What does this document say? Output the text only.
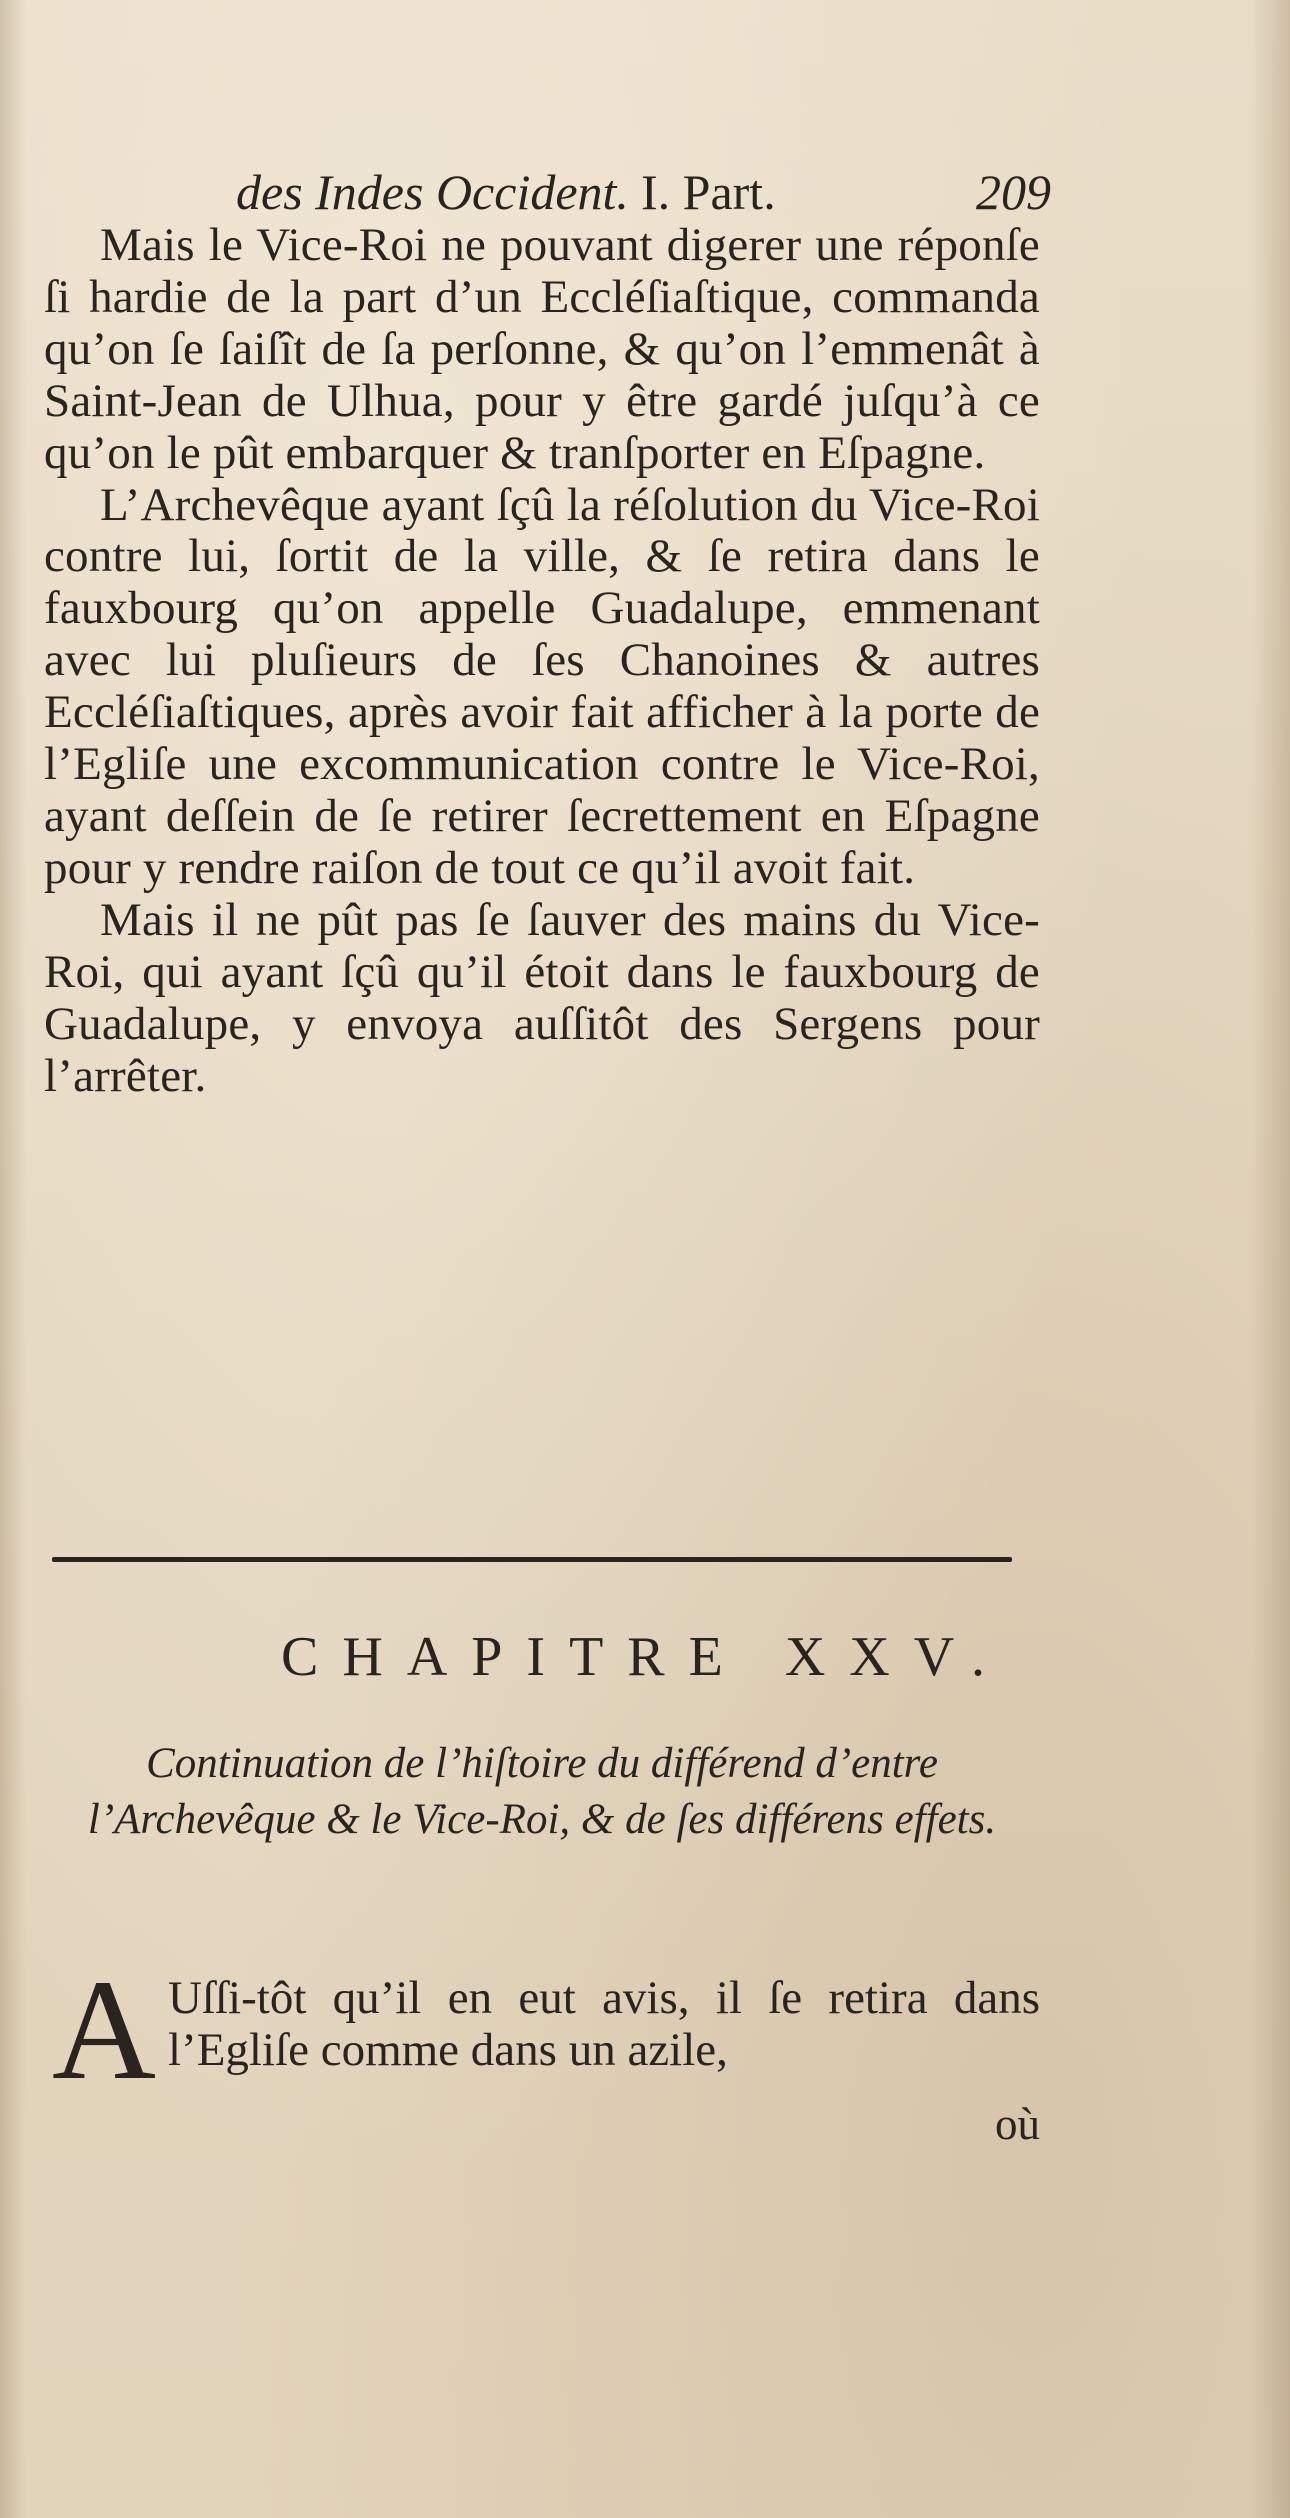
des Indes Occident. I. Part.	209

Mais le Vice-Roi ne pouvant digerer une réponſe ſi hardie de la part d’un Eccléſiaſtique, commanda qu’on ſe ſaiſît de ſa perſonne, & qu’on l’emmenât à Saint-Jean de Ulhua, pour y être gardé juſqu’à ce qu’on le pût embarquer & tranſporter en Eſpagne.

L’Archevêque ayant ſçû la réſolution du Vice-Roi contre lui, ſortit de la ville, & ſe retira dans le fauxbourg qu’on appelle Guadalupe, emmenant avec lui pluſieurs de ſes Chanoines & autres Eccléſiaſtiques, après avoir fait afficher à la porte de l’Egliſe une excommunication contre le Vice-Roi, ayant deſſein de ſe retirer ſecrettement en Eſpagne pour y rendre raiſon de tout ce qu’il avoit fait.

Mais il ne pût pas ſe ſauver des mains du Vice-Roi, qui ayant ſçû qu’il étoit dans le fauxbourg de Guadalupe, y envoya auſſitôt des Sergens pour l’arrêter.

CHAPITRE XXV.
Continuation de l’hiſtoire du différend d’entre l’Archevêque & le Vice-Roi, & de ſes différens effets.
A Uſſi-tôt qu’il en eut avis, il ſe retira dans l’Egliſe comme dans un azile,

où
